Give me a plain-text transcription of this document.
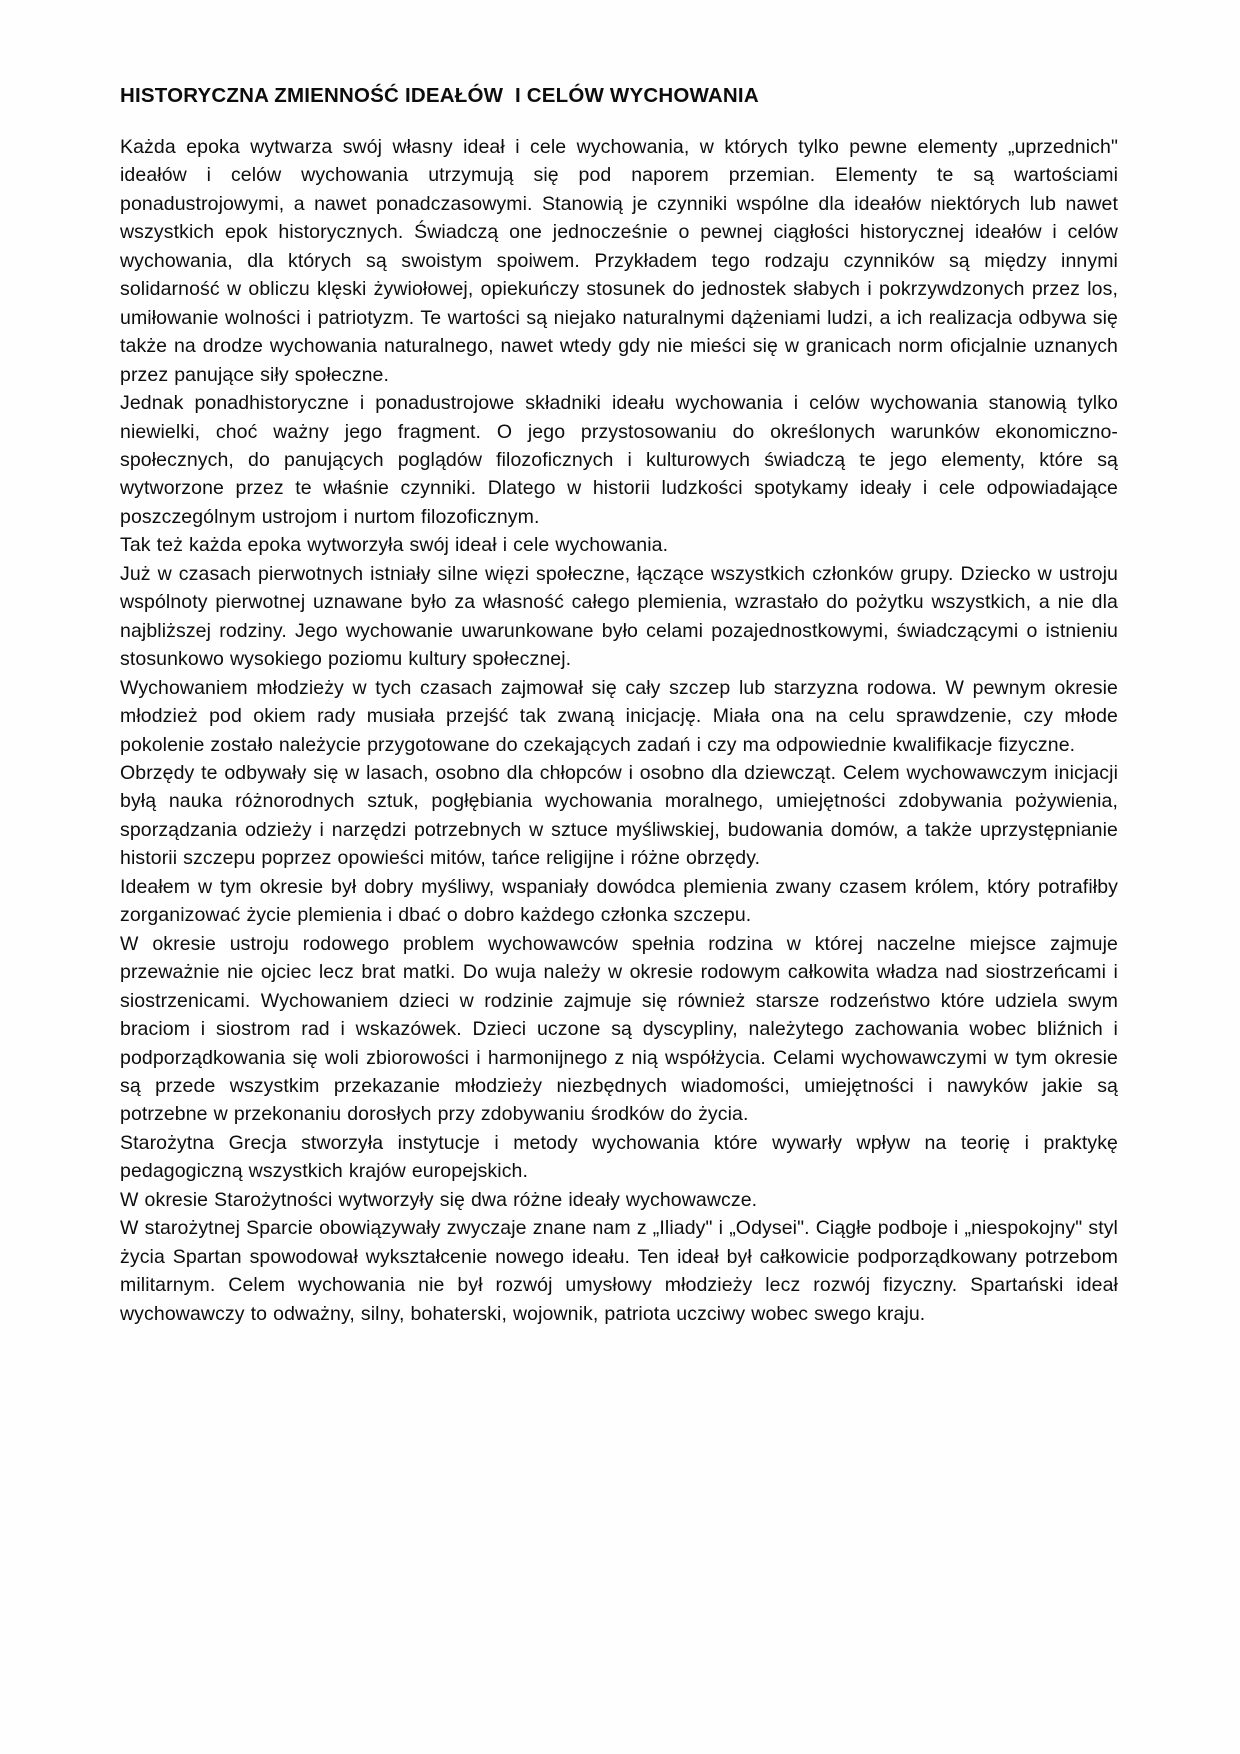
HISTORYCZNA ZMIENNOŚĆ IDEAŁÓW  I CELÓW WYCHOWANIA

Każda epoka wytwarza swój własny ideał i cele wychowania, w których tylko pewne elementy „uprzednich" ideałów i celów wychowania utrzymują się pod naporem przemian. Elementy te są wartościami ponadustrojowymi, a nawet ponadczasowymi. Stanowią je czynniki wspólne dla ideałów niektórych lub nawet wszystkich epok historycznych. Świadczą one jednocześnie o pewnej ciągłości historycznej ideałów i celów wychowania, dla których są swoistym spoiwem. Przykładem tego rodzaju czynników są między innymi solidarność w obliczu klęski żywiołowej, opiekuńczy stosunek do jednostek słabych i pokrzywdzonych przez los, umiłowanie wolności i patriotyzm. Te wartości są niejako naturalnymi dążeniami ludzi, a ich realizacja odbywa się także na drodze wychowania naturalnego, nawet wtedy gdy nie mieści się w granicach norm oficjalnie uznanych przez panujące siły społeczne.

Jednak ponadhistoryczne i ponadustrojowe składniki ideału wychowania i celów wychowania stanowią tylko niewielki, choć ważny jego fragment. O jego przystosowaniu do określonych warunków ekonomiczno-społecznych, do panujących poglądów filozoficznych i kulturowych świadczą te jego elementy, które są wytworzone przez te właśnie czynniki. Dlatego w historii ludzkości spotykamy ideały i cele odpowiadające poszczególnym ustrojom i nurtom filozoficznym.

Tak też każda epoka wytworzyła swój ideał i cele wychowania.

Już w czasach pierwotnych istniały silne więzi społeczne, łączące wszystkich członków grupy. Dziecko w ustroju wspólnoty pierwotnej uznawane było za własność całego plemienia, wzrastało do pożytku wszystkich, a nie dla najbliższej rodziny. Jego wychowanie uwarunkowane było celami pozajednostkowymi, świadczącymi o istnieniu stosunkowo wysokiego poziomu kultury społecznej.

Wychowaniem młodzieży w tych czasach zajmował się cały szczep lub starzyzna rodowa. W pewnym okresie młodzież pod okiem rady musiała przejść tak zwaną inicjację. Miała ona na celu sprawdzenie, czy młode pokolenie zostało należycie przygotowane do czekających zadań i czy ma odpowiednie kwalifikacje fizyczne.

Obrzędy te odbywały się w lasach, osobno dla chłopców i osobno dla dziewcząt. Celem wychowawczym inicjacji byłą nauka różnorodnych sztuk, pogłębiania wychowania moralnego, umiejętności zdobywania pożywienia, sporządzania odzieży i narzędzi potrzebnych w sztuce myśliwskiej, budowania domów, a także uprzystępnianie historii szczepu poprzez opowieści mitów, tańce religijne i różne obrzędy.

Ideałem w tym okresie był dobry myśliwy, wspaniały dowódca plemienia zwany czasem królem, który potrafiłby zorganizować życie plemienia i dbać o dobro każdego członka szczepu.

W okresie ustroju rodowego problem wychowawców spełnia rodzina w której naczelne miejsce zajmuje przeważnie nie ojciec lecz brat matki. Do wuja należy w okresie rodowym całkowita władza nad siostrzeńcami i siostrzenicami. Wychowaniem dzieci w rodzinie zajmuje się również starsze rodzeństwo które udziela swym braciom i siostrom rad i wskazówek. Dzieci uczone są dyscypliny, należytego zachowania wobec bliźnich i podporządkowania się woli zbiorowości i harmonijnego z nią współżycia. Celami wychowawczymi w tym okresie są przede wszystkim przekazanie młodzieży niezbędnych wiadomości, umiejętności i nawyków jakie są potrzebne w przekonaniu dorosłych przy zdobywaniu środków do życia.

Starożytna Grecja stworzyła instytucje i metody wychowania które wywarły wpływ na teorię i praktykę pedagogiczną wszystkich krajów europejskich.

W okresie Starożytności wytworzyły się dwa różne ideały wychowawcze.

W starożytnej Sparcie obowiązywały zwyczaje znane nam z „Iliady" i „Odysei". Ciągłe podboje i „niespokojny" styl życia Spartan spowodował wykształcenie nowego ideału. Ten ideał był całkowicie podporządkowany potrzebom militarnym. Celem wychowania nie był rozwój umysłowy młodzieży lecz rozwój fizyczny. Spartański ideał wychowawczy to odważny, silny, bohaterski, wojownik, patriota uczciwy wobec swego kraju.
